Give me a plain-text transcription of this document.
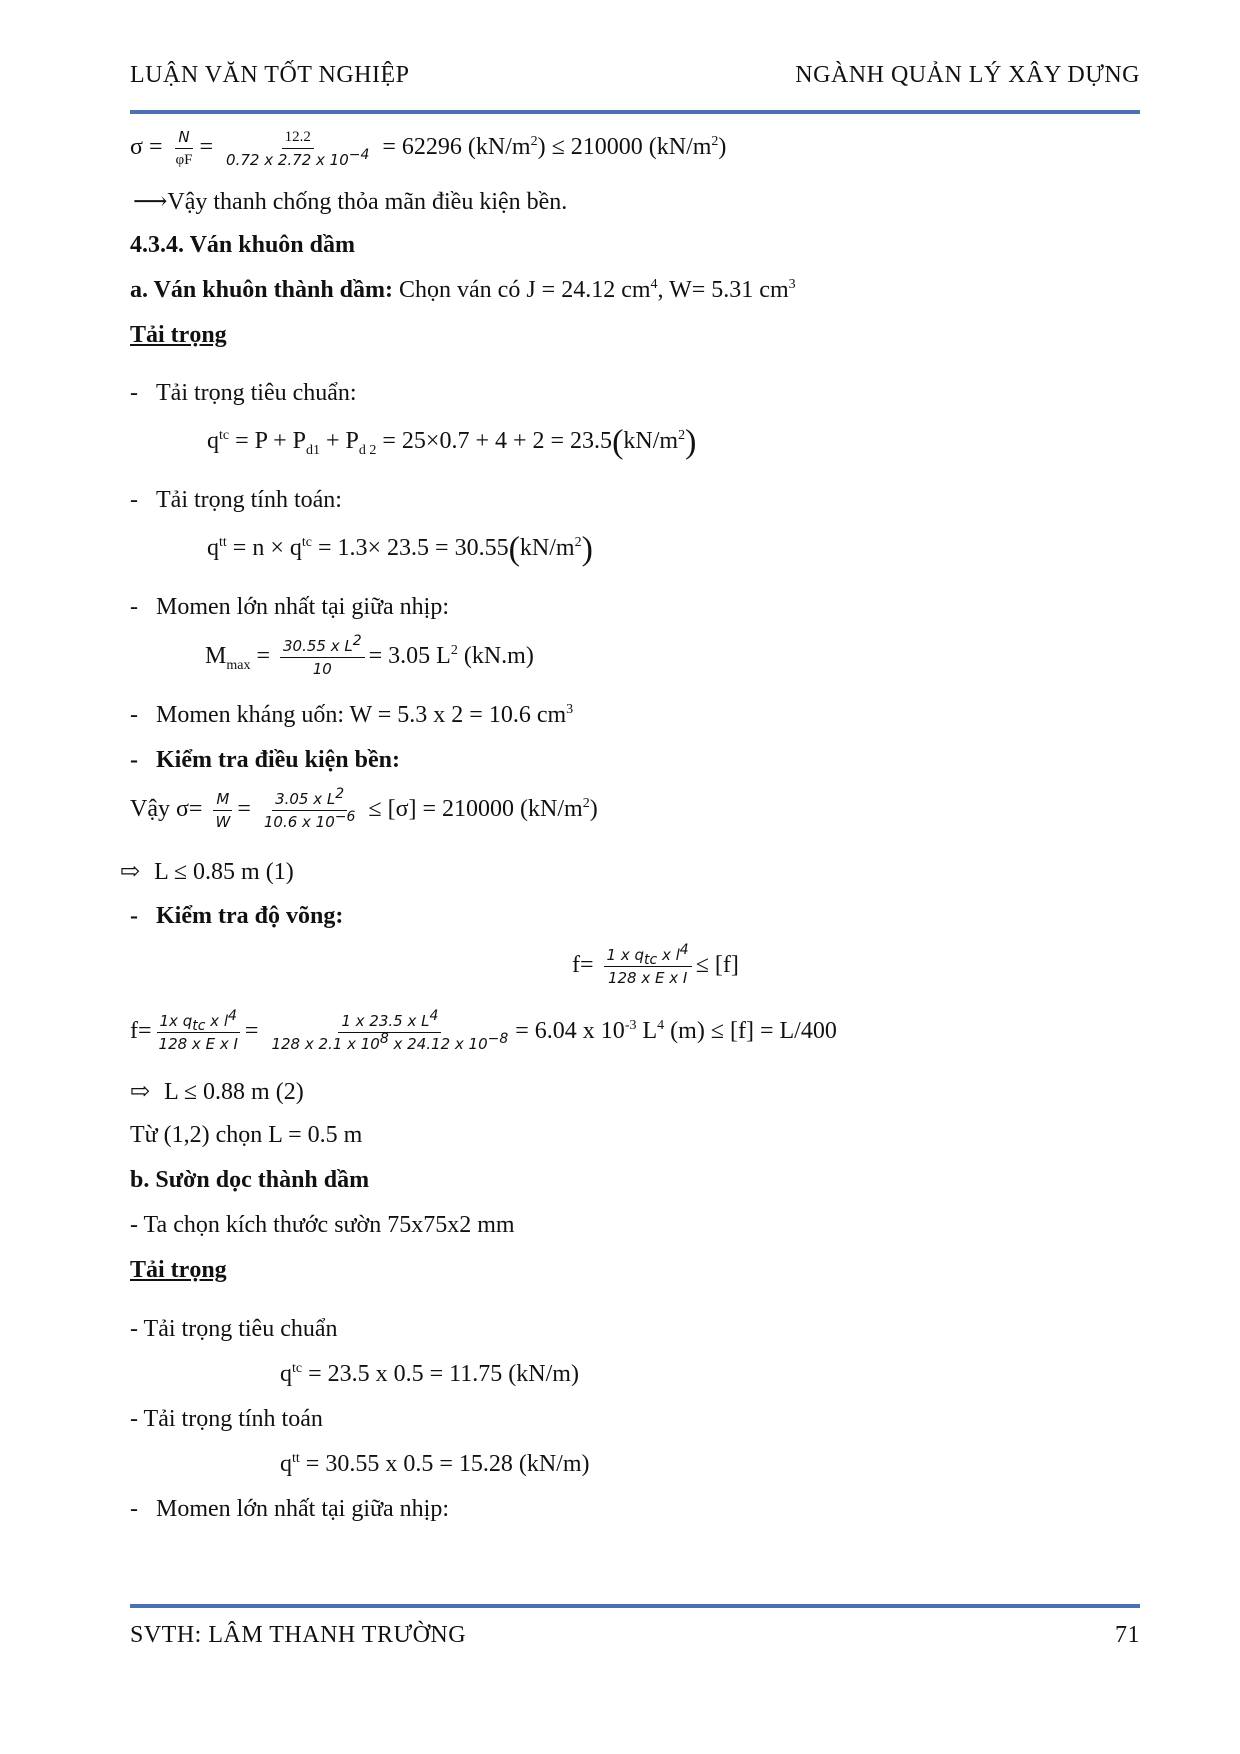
LUẬN VĂN TỐT NGHIỆP	NGÀNH QUẢN LÝ XÂY DỰNG
$\sigma = \frac{N}{\varphi F} = \frac{12.2}{0.72 x 2.72 x 10^{-4}} = 62296$ $(kN/m^2) \le 210000$ $(kN/m^2)$
⟶Vậy thanh chống thỏa mãn điều kiện bền.
4.3.4. Ván khuôn dầm
a. Ván khuôn thành dầm: Chọn ván có J = 24.12 $cm^4$, W= 5.31 $cm^3$
Tải trọng
- Tải trọng tiêu chuẩn:
$q^{tc} = P + P_{d1} + P_{d 2} = 25\times 0.7 + 4 + 2 = 23.5(kN/m^2)$
- Tải trọng tính toán:
$q^{tt} = n \times q^{tc} = 1.3\times 23.5 = 30.55(kN/m^2)$
- Momen lớn nhất tại giữa nhịp:
$M_{max} = \frac{30.55 x L^2}{10} = 3.05$ $L^2$ (kN.m)
- Momen kháng uốn: W = 5.3 x 2 = 10.6 $cm^3$
- Kiểm tra điều kiện bền:
Vậy $\sigma= \frac{M}{W} = \frac{3.05 x L^2}{10.6 x 10^{-6}} \le [\sigma] = 210000$ $(kN/m^2)$
⇨ L ≤ 0.85 m (1)
- Kiểm tra độ võng:
$f= \frac{1 x q_{tc} x l^4}{\text{128 x E x I}} \le [f]$
$f= \frac{1x q_{tc} x l^4}{\text{128 x E x I}} = \frac{1 x 23.5 x L^4}{128 x 2.1 x 10^8 x 24.12 x 10^{-8}} = 6.04$ x $10^{-3}$ $L^4$ (m) ≤ [f] = L/400
⇨ L ≤ 0.88 m (2)
Từ (1,2) chọn L = 0.5 m
b. Sườn dọc thành dầm
- Ta chọn kích thước sườn 75x75x2 mm
Tải trọng
- Tải trọng tiêu chuẩn
$q^{tc} = 23.5$ x 0.5 = 11.75 (kN/m)
- Tải trọng tính toán
$q^{tt} = 30.55$ x 0.5 = 15.28 (kN/m)
- Momen lớn nhất tại giữa nhịp:
SVTH: LÂM THANH TRƯỜNG	71
